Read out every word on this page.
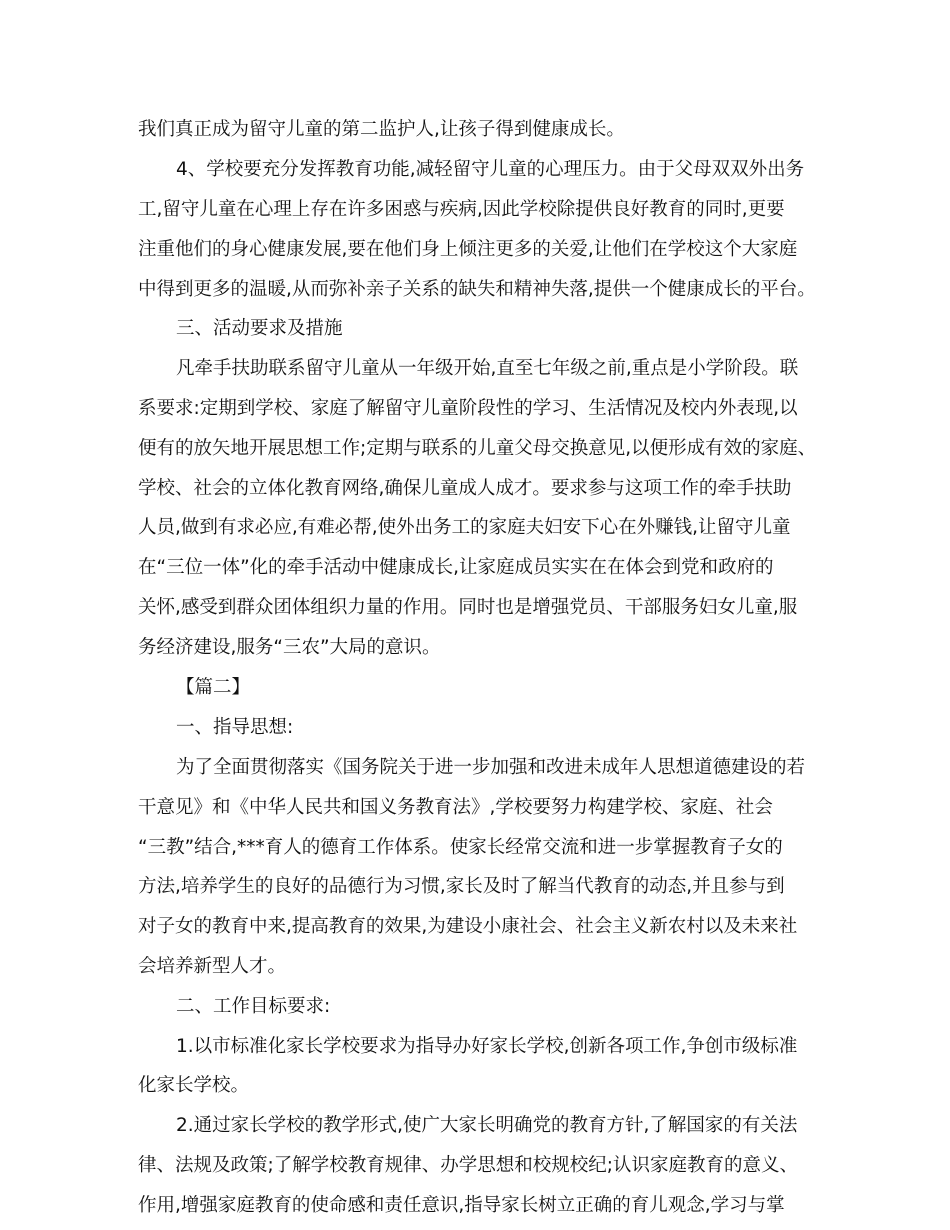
我们真正成为留守儿童的第二监护人,让孩子得到健康成长。
4、学校要充分发挥教育功能,减轻留守儿童的心理压力。由于父母双双外出务
工,留守儿童在心理上存在许多困惑与疾病,因此学校除提供良好教育的同时,更要
注重他们的身心健康发展,要在他们身上倾注更多的关爱,让他们在学校这个大家庭
中得到更多的温暖,从而弥补亲子关系的缺失和精神失落,提供一个健康成长的平台。
三、活动要求及措施
凡牵手扶助联系留守儿童从一年级开始,直至七年级之前,重点是小学阶段。联
系要求:定期到学校、家庭了解留守儿童阶段性的学习、生活情况及校内外表现,以
便有的放矢地开展思想工作;定期与联系的儿童父母交换意见,以便形成有效的家庭、
学校、社会的立体化教育网络,确保儿童成人成才。要求参与这项工作的牵手扶助
人员,做到有求必应,有难必帮,使外出务工的家庭夫妇安下心在外赚钱,让留守儿童
在“三位一体”化的牵手活动中健康成长,让家庭成员实实在在体会到党和政府的
关怀,感受到群众团体组织力量的作用。同时也是增强党员、干部服务妇女儿童,服
务经济建设,服务“三农”大局的意识。
【篇二】
一、指导思想:
为了全面贯彻落实《国务院关于进一步加强和改进未成年人思想道德建设的若
干意见》和《中华人民共和国义务教育法》,学校要努力构建学校、家庭、社会
“三教”结合,***育人的德育工作体系。使家长经常交流和进一步掌握教育子女的
方法,培养学生的良好的品德行为习惯,家长及时了解当代教育的动态,并且参与到
对子女的教育中来,提高教育的效果,为建设小康社会、社会主义新农村以及未来社
会培养新型人才。
二、工作目标要求:
1.以市标准化家长学校要求为指导办好家长学校,创新各项工作,争创市级标准
化家长学校。
2.通过家长学校的教学形式,使广大家长明确党的教育方针,了解国家的有关法
律、法规及政策;了解学校教育规律、办学思想和校规校纪;认识家庭教育的意义、
作用,增强家庭教育的使命感和责任意识,指导家长树立正确的育儿观念,学习与掌
